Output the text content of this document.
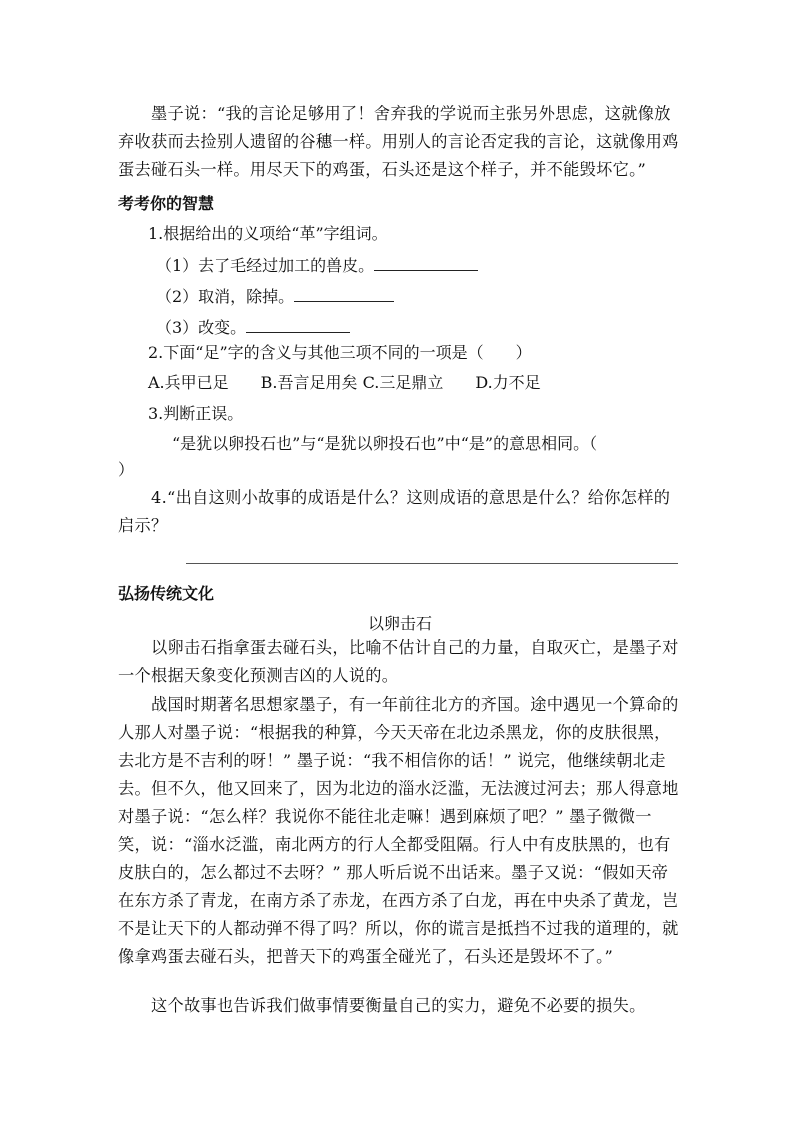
墨子说：“我的言论足够用了！舍弃我的学说而主张另外思虑，这就像放弃收获而去捡别人遗留的谷穗一样。用别人的言论否定我的言论，这就像用鸡蛋去碰石头一样。用尽天下的鸡蛋，石头还是这个样子，并不能毁坏它。”
考考你的智慧
1.根据给出的义项给“革”字组词。
（1）去了毛经过加工的兽皮。
（2）取消，除掉。
（3）改变。
2.下面“足”字的含义与其他三项不同的一项是（　　）
A.兵甲已足　　B.吾言足用矣 C.三足鼎立　　D.力不足
3.判断正误。
“是犹以卵投石也”与“是犹以卵投石也”中“是”的意思相同。（
）
4.“出自这则小故事的成语是什么？这则成语的意思是什么？给你怎样的启示？
弘扬传统文化
以卵击石
以卵击石指拿蛋去碰石头，比喻不估计自己的力量，自取灭亡，是墨子对一个根据天象变化预测吉凶的人说的。
战国时期著名思想家墨子，有一年前往北方的齐国。途中遇见一个算命的人那人对墨子说：“根据我的种算，今天天帝在北边杀黑龙，你的皮肤很黑，去北方是不吉利的呀！” 墨子说：“我不相信你的话！” 说完，他继续朝北走去。但不久，他又回来了，因为北边的淄水泛滥，无法渡过河去；那人得意地对墨子说：“怎么样？我说你不能往北走嘛！遇到麻烦了吧？” 墨子微微一笑，说：“淄水泛滥，南北两方的行人全都受阻隔。行人中有皮肤黑的，也有皮肤白的，怎么都过不去呀？” 那人听后说不出话来。墨子又说：“假如天帝在东方杀了青龙，在南方杀了赤龙，在西方杀了白龙，再在中央杀了黄龙，岂不是让天下的人都动弹不得了吗？所以，你的谎言是抵挡不过我的道理的，就像拿鸡蛋去碰石头，把普天下的鸡蛋全碰光了，石头还是毁坏不了。”
这个故事也告诉我们做事情要衡量自己的实力，避免不必要的损失。
